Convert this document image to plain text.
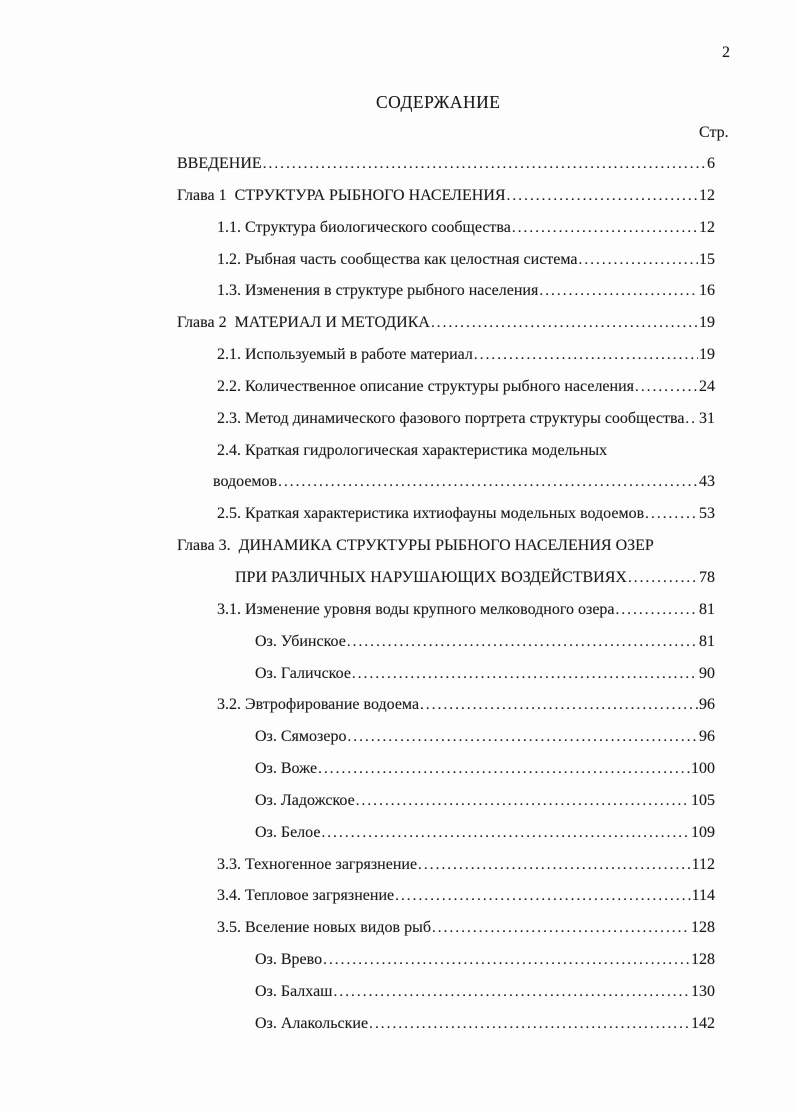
2
СОДЕРЖАНИЕ
Стр.
ВВЕДЕНИЕ .....	6
Глава 1  СТРУКТУРА РЫБНОГО НАСЕЛЕНИЯ .....	12
1.1. Структура биологического сообщества .....	12
1.2. Рыбная часть сообщества как целостная система .....	15
1.3. Изменения в структуре рыбного населения .....	16
Глава 2  МАТЕРИАЛ И МЕТОДИКА .....	19
2.1. Используемый в работе материал .....	19
2.2. Количественное описание структуры рыбного населения .....	24
2.3. Метод динамического фазового портрета структуры сообщества ..... 31
2.4. Краткая гидрологическая характеристика модельных
водоемов .....	43
2.5. Краткая характеристика ихтиофауны модельных водоемов .....	53
Глава 3.  ДИНАМИКА СТРУКТУРЫ РЫБНОГО НАСЕЛЕНИЯ ОЗЕР
ПРИ РАЗЛИЧНЫХ НАРУШАЮЩИХ ВОЗДЕЙСТВИЯХ .....	78
3.1. Изменение уровня воды крупного мелководного озера .....	81
Оз. Убинское .....	81
Оз. Галичское .....	90
3.2. Эвтрофирование водоема .....	96
Оз. Сямозеро .....	96
Оз. Воже .....	100
Оз. Ладожское .....	105
Оз. Белое .....	109
3.3. Техногенное загрязнение .....	112
3.4. Тепловое загрязнение .....	114
3.5. Вселение новых видов рыб .....	128
Оз. Врево .....	128
Оз. Балхаш .....	130
Оз. Алакольские .....	142
